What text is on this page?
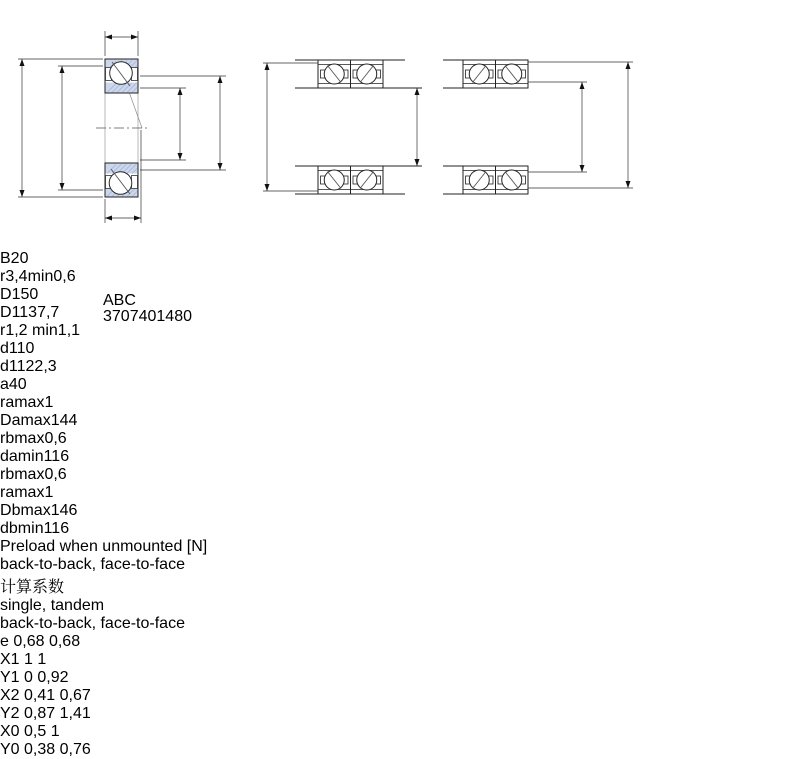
B20
r3,4min0,6
D150
D1137,7
r1,2 min1,1
d110
d1122,3
a40
ramax1
Damax144
rbmax0,6
damin116
rbmax0,6
ramax1
Dbmax146
dbmin116
Preload when unmounted [N]
back-to-back, face-to-face
ABC
3707401480
计算系数
single, tandem
back-to-back, face-to-face
e 0,68 0,68
X1 1 1
Y1 0 0,92
X2 0,41 0,67
Y2 0,87 1,41
X0 0,5 1
Y0 0,38 0,76
